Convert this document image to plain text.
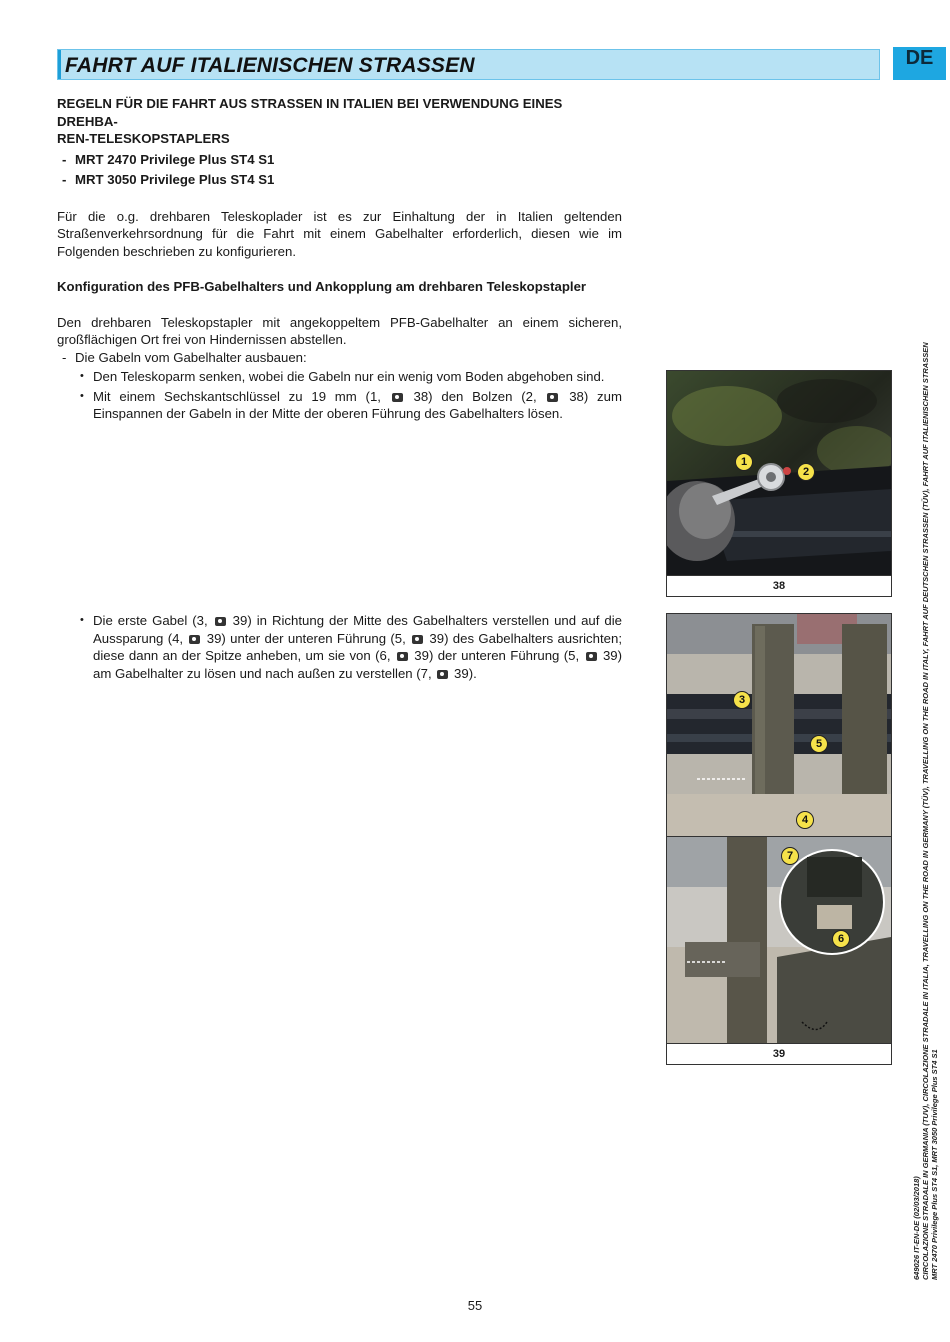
FAHRT AUF ITALIENISCHEN STRASSEN	DE

REGELN FÜR DIE FAHRT AUS STRASSEN IN ITALIEN BEI VERWENDUNG EINES DREHBA-
REN-TELESKOPSTAPLERS

- MRT 2470 Privilege Plus ST4 S1
- MRT 3050 Privilege Plus ST4 S1

Für die o.g. drehbaren Teleskoplader ist es zur Einhaltung der in Italien geltenden Straßenverkehrsordnung für die Fahrt mit einem Gabelhalter erforderlich, diesen wie im Folgenden beschrieben zu konfigurieren.

Konfiguration des PFB-Gabelhalters und Ankopplung am drehbaren Teleskopstapler

Den drehbaren Teleskopstapler mit angekoppeltem PFB-Gabelhalter an einem sicheren, großflächigen Ort frei von Hindernissen abstellen.

- Die Gabeln vom Gabelhalter ausbauen:

• Den Teleskoparm senken, wobei die Gabeln nur ein wenig vom Boden abgehoben sind.
• Mit einem Sechskantschlüssel zu 19 mm (1, 38) den Bolzen (2, 38) zum Einspannen der Gabeln in der Mitte der oberen Führung des Gabelhalters lösen.
• Die erste Gabel (3, 39) in Richtung der Mitte des Gabelhalters verstellen und auf die Aussparung (4, 39) unter der unteren Führung (5, 39) des Gabelhalters ausrichten; diese dann an der Spitze anheben, um sie von (6, 39) der unteren Führung (5, 39) am Gabelhalter zu lösen und nach außen zu verstellen (7, 39).
1
2
38
3
5
4
7
6
39
649026 IT-EN-DE (02/03/2018) CIRCOLAZIONE STRADALE IN GERMANIA (TUV), CIRCOLAZIONE STRADALE IN ITALIA, TRAVELLING ON THE ROAD IN GERMANY (TÜV), TRAVELLING ON THE ROAD IN ITALY, FAHRT AUF DEUTSCHEN STRASSEN (TÜV), FAHRT AUF ITALIENISCHEN STRASSEN MRT 2470 Privilege Plus ST4 S1, MRT 3050 Privilege Plus ST4 S1
55
